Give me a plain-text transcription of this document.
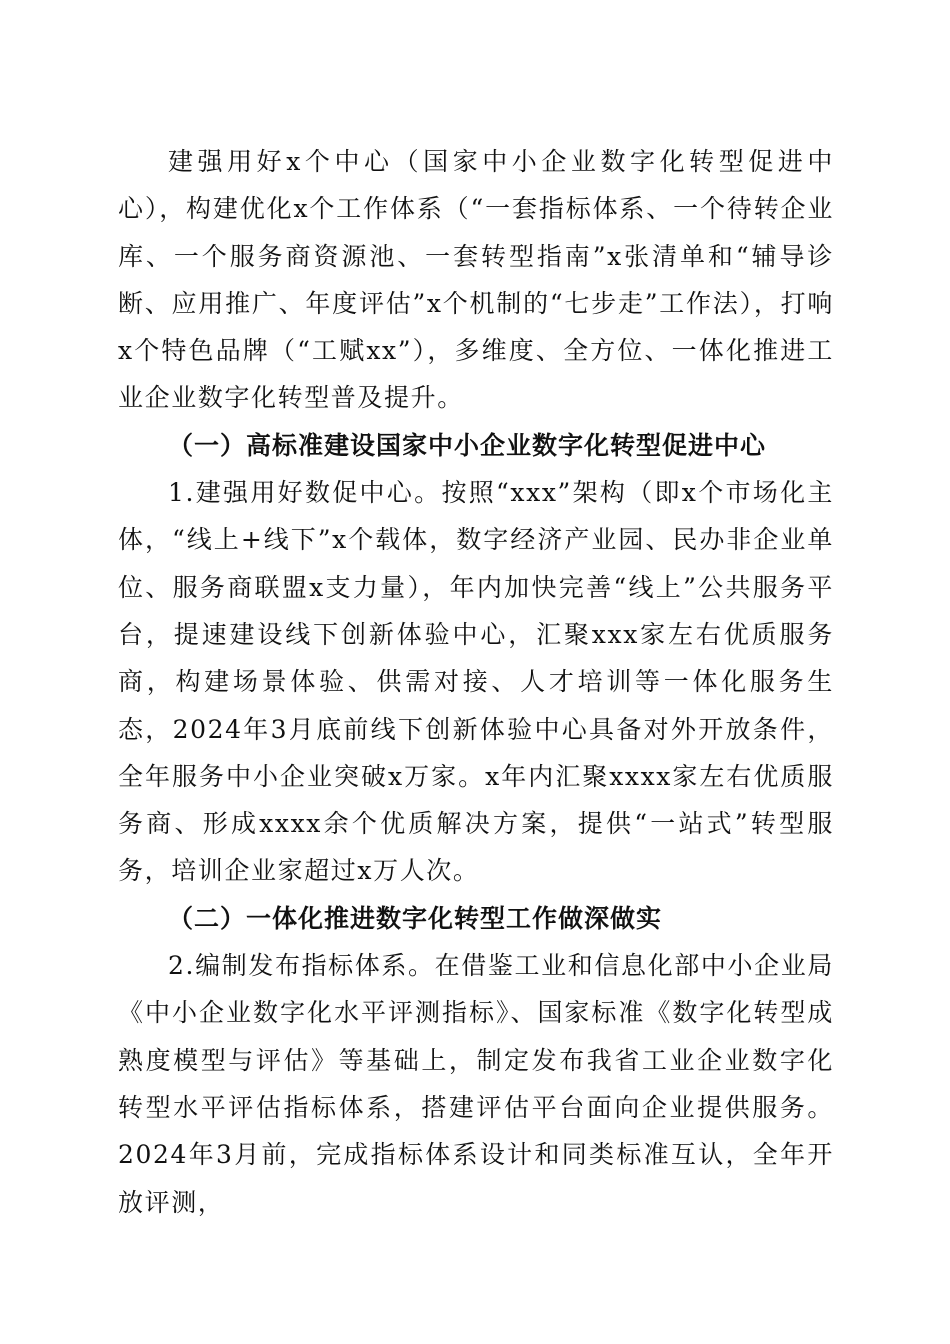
建强用好x个中心（国家中小企业数字化转型促进中心），构建优化x个工作体系（“一套指标体系、一个待转企业库、一个服务商资源池、一套转型指南”x张清单和“辅导诊断、应用推广、年度评估”x个机制的“七步走”工作法），打响x个特色品牌（“工赋xx”），多维度、全方位、一体化推进工业企业数字化转型普及提升。

（一）高标准建设国家中小企业数字化转型促进中心

1.建强用好数促中心。按照“xxx”架构（即x个市场化主体，“线上+线下”x个载体，数字经济产业园、民办非企业单位、服务商联盟x支力量），年内加快完善“线上”公共服务平台，提速建设线下创新体验中心，汇聚xxx家左右优质服务商，构建场景体验、供需对接、人才培训等一体化服务生态，2024年3月底前线下创新体验中心具备对外开放条件，全年服务中小企业突破x万家。x年内汇聚xxxx家左右优质服务商、形成xxxx余个优质解决方案，提供“一站式”转型服务，培训企业家超过x万人次。

（二）一体化推进数字化转型工作做深做实

2.编制发布指标体系。在借鉴工业和信息化部中小企业局《中小企业数字化水平评测指标》、国家标准《数字化转型成熟度模型与评估》等基础上，制定发布我省工业企业数字化转型水平评估指标体系，搭建评估平台面向企业提供服务。2024年3月前，完成指标体系设计和同类标准互认，全年开放评测，
